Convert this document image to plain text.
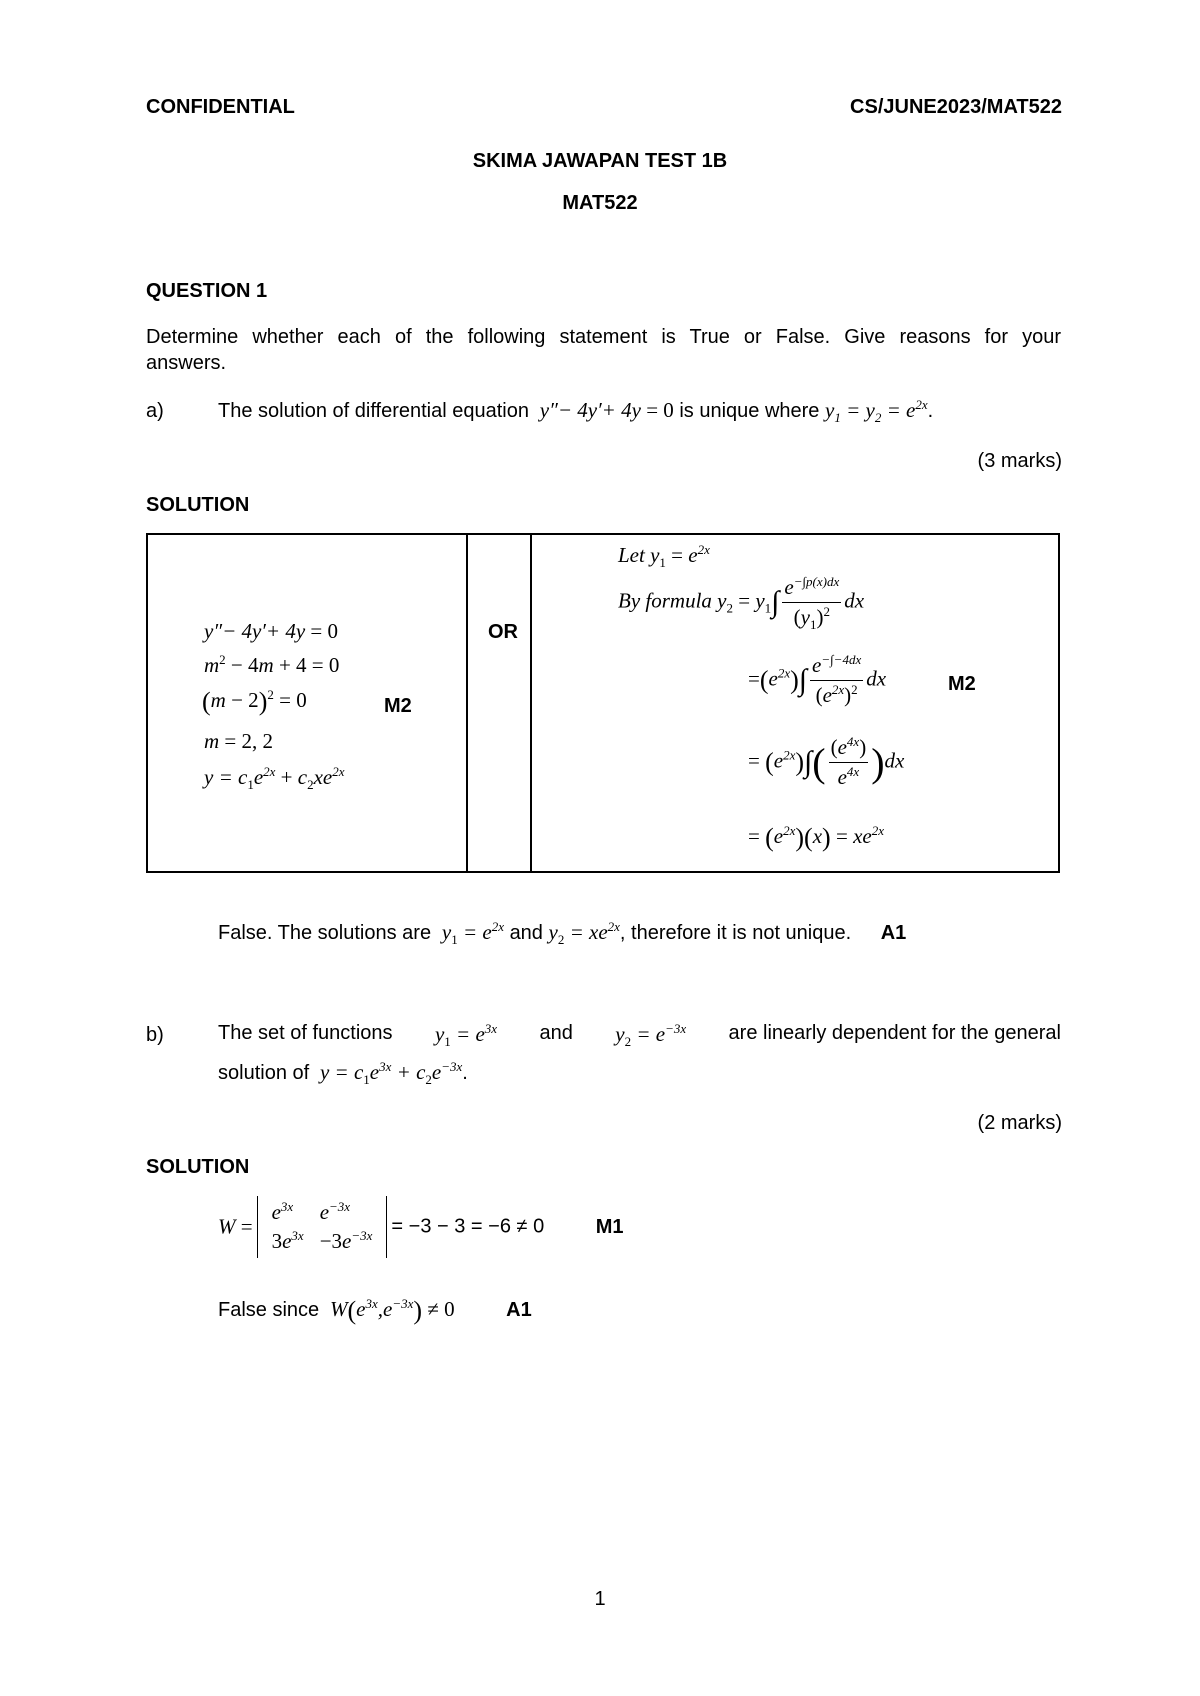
CONFIDENTIAL	CS/JUNE2023/MAT522
SKIMA JAWAPAN TEST 1B
MAT522
QUESTION 1
Determine whether each of the following statement is True or False. Give reasons for your
answers.
a)	The solution of differential equation  y″− 4y′+ 4y = 0 is unique where $y_1 = y_2 = e^{2x}$.
(3 marks)
SOLUTION
y″− 4y′+ 4y = 0
$m^2 - 4m + 4 = 0$
$(m - 2)^2 = 0$	M2
m = 2, 2
$y = c_1e^{2x} + c_2xe^{2x}$
OR
Let $y_1 = e^{2x}$
By formula $y_2 = y_1\int \frac{e^{-\int p(x)dx}}{(y_1)^2}$ dx
$=(e^{2x})\int \frac{e^{-\int-4dx}}{(e^{2x})^2}$ dx	M2
= $(e^{2x})\int( \frac{(e^{4x})}{e^{4x}} )dx$
= $(e^{2x})(x) = xe^{2x}$
False. The solutions are  $y_1 = e^{2x}$ and $y_2 = xe^{2x}$, therefore it is not unique. A1
b)	The set of functions $y_1 = e^{3x}$ and $y_2 = e^{-3x}$ are linearly dependent for the general
solution of  $y = c_1e^{3x} + c_2e^{-3x}$.
(2 marks)
SOLUTION
W =
$e^{3x}$	$e^{-3x}$
$3e^{3x}$	$-3e^{-3x} = -3 - 3 = -6 \ne 0$	M1
False since  $W(e^{3x},e^{-3x}) \ne 0$	A1
1
